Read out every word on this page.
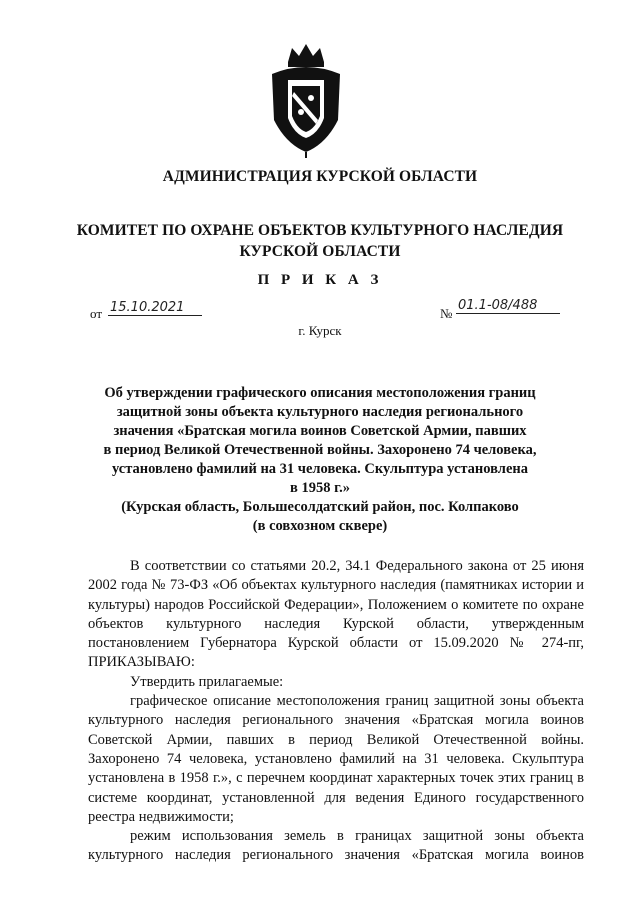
АДМИНИСТРАЦИЯ КУРСКОЙ ОБЛАСТИ
КОМИТЕТ ПО ОХРАНЕ ОБЪЕКТОВ КУЛЬТУРНОГО НАСЛЕДИЯ
КУРСКОЙ ОБЛАСТИ
П Р И К А З
от 15.10.2021	№
01.1-08/488
г. Курск
Об утверждении графического описания местоположения границ
защитной зоны объекта культурного наследия регионального
значения «Братская могила воинов Советской Армии, павших
в период Великой Отечественной войны. Захоронено 74 человека,
установлено фамилий на 31 человека. Скульптура установлена
в 1958 г.»
(Курская область, Большесолдатский район, пос. Колпаково
(в совхозном сквере)

В соответствии со статьями 20.2, 34.1 Федерального закона от 25 июня 2002 года № 73-ФЗ «Об объектах культурного наследия (памятниках истории и культуры) народов Российской Федерации», Положением о комитете по охране объектов культурного наследия Курской области, утвержденным постановлением Губернатора Курской области от 15.09.2020 № 274-пг, ПРИКАЗЫВАЮ:

Утвердить прилагаемые:

графическое описание местоположения границ защитной зоны объекта культурного наследия регионального значения «Братская могила воинов Советской Армии, павших в период Великой Отечественной войны. Захоронено 74 человека, установлено фамилий на 31 человека. Скульптура установлена в 1958 г.», с перечнем координат характерных точек этих границ в системе координат, установленной для ведения Единого государственного реестра недвижимости;

режим использования земель в границах защитной зоны объекта культурного наследия регионального значения «Братская могила воинов
